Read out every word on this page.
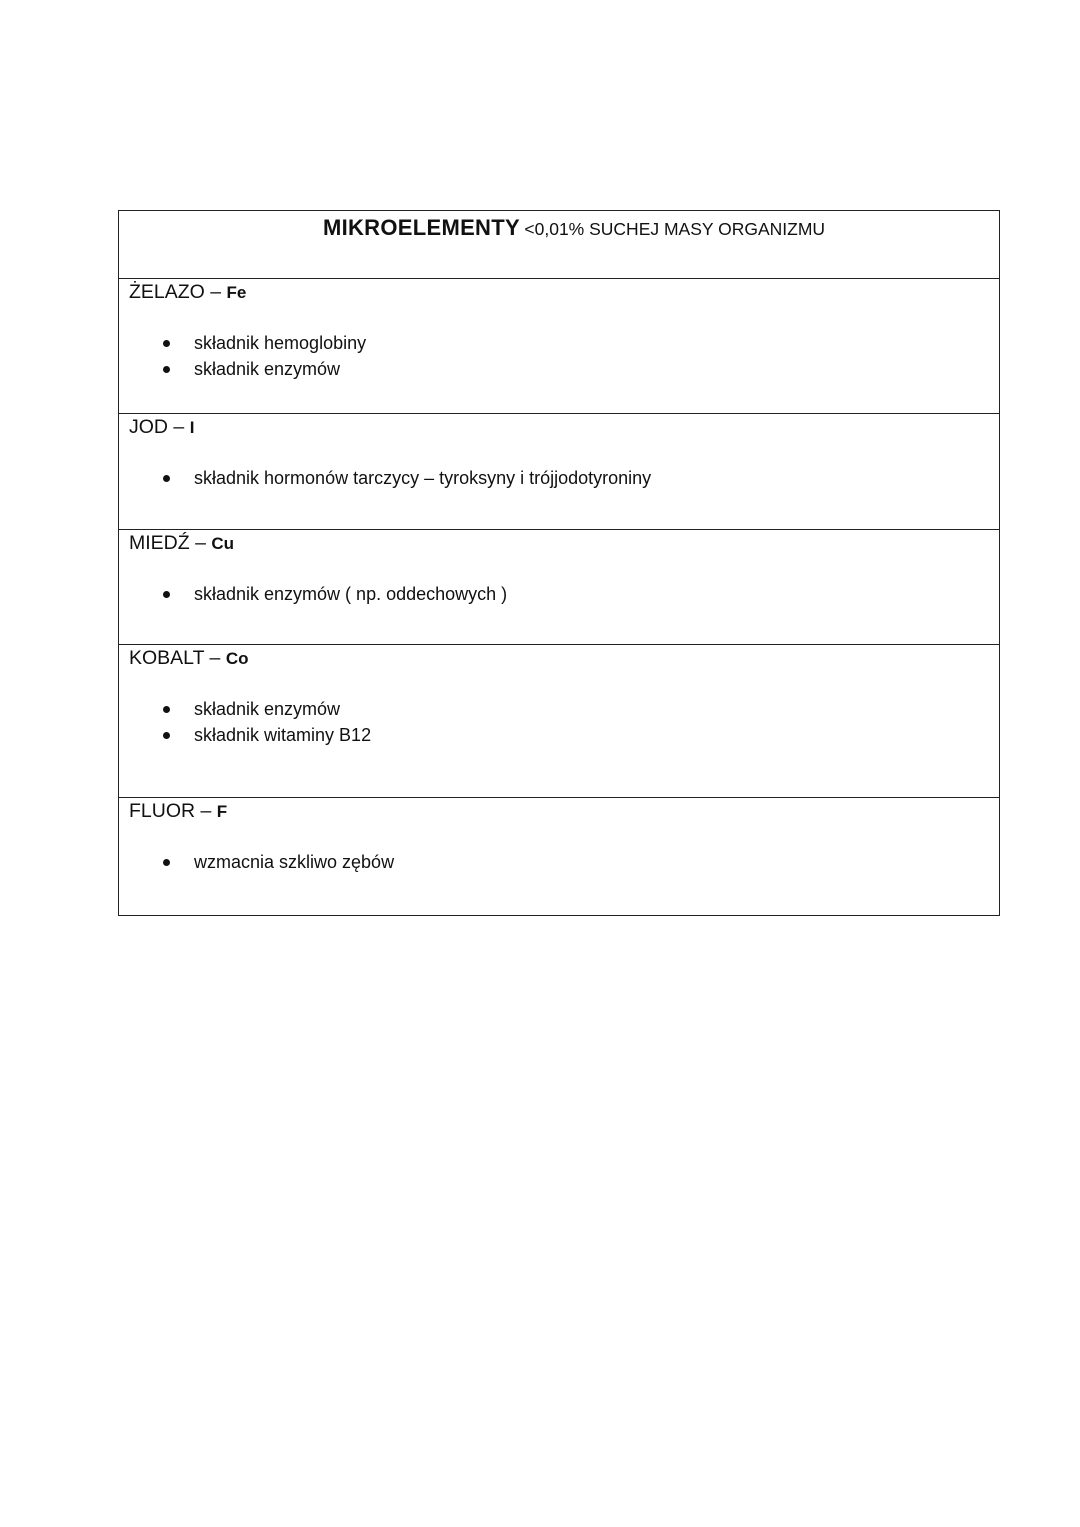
MIKROELEMENTY <0,01% SUCHEJ MASY ORGANIZMU
ŻELAZO – Fe
składnik hemoglobiny
składnik enzymów
JOD – I
składnik hormonów tarczycy – tyroksyny i trójjodotyroniny
MIEDŹ – Cu
składnik enzymów ( np. oddechowych )
KOBALT – Co
składnik enzymów
składnik witaminy B12
FLUOR – F
wzmacnia szkliwo zębów
